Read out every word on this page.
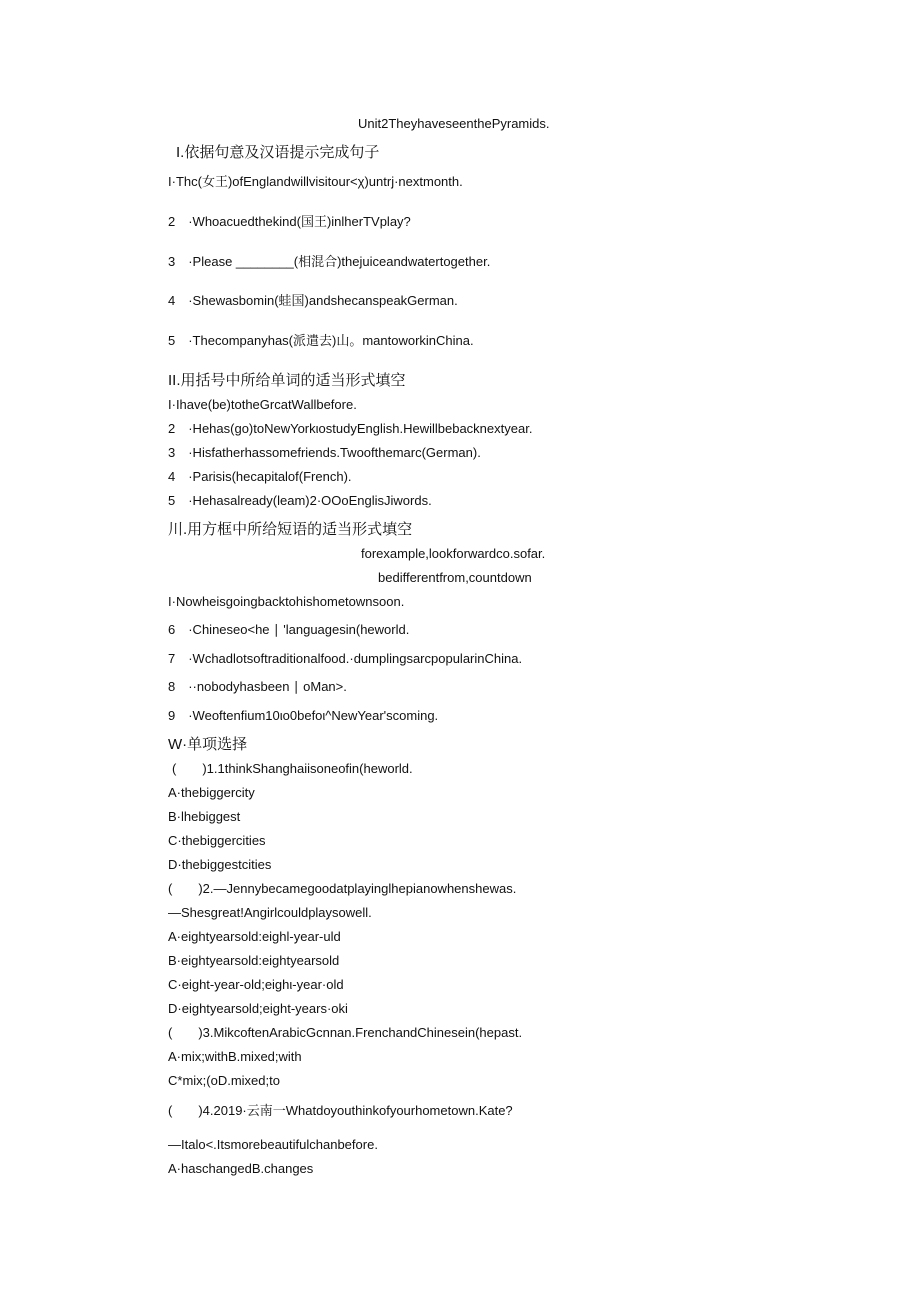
Unit2TheyhaveseenthePyramids.
I.依据句意及汉语提示完成句子
I·Thc(女王)ofEnglandwillvisitour<χ)untrj·nextmonth.
2　·Whoacuedthekind(国王)inlherTVplay?
3　·Please ________(相混合)thejuiceandwatertogether.
4　·Shewasbomin(蛙国)andshecanspeakGerman.
5　·Thecompanyhas(派遣去)山。mantoworkinChina.
II.用括号中所给单词的适当形式填空
I·Ihave(be)totheGrcatWallbefore.
2　·Hehas(go)toNewYorkιostudyEnglish.Hewillbebacknextyear.
3　·Hisfatherhassomefriends.Twoofthemarc(German).
4　·Parisis(hecapitalof(French).
5　·Hehasalready(leam)2·OOoEnglisJiwords.
川.用方框中所给短语的适当形式填空
forexample,lookforwardco.sofar.
bedifferentfrom,countdown
I·Nowheisgoingbacktohishometownsoon.
6　·Chineseo<he ∣ 'languagesin(heworld.
7　·Wchadlotsoftraditionalfood.·dumplingsarcpopularinChina.
8　··nobodyhasbeen ∣ oMan>.
9　·Weoftenfium10ιo0befoι^NewYear'scoming.
W·单项选择
(　　)1.1thinkShanghaiisoneofin(heworld.
A·thebiggercity
B·lhebiggest
C·thebiggercities
D·thebiggestcities
(　　)2.—Jennybecamegoodatplayinglhepianowhenshewas.
—Shesgreat!Angirlcouldplaysowell.
A·eightyearsold:eighl-year-uld
B·eightyearsold:eightyearsold
C·eight-year-old;eighι-year·old
D·eightyearsold;eight-years·oki
(　　)3.MikcoftenArabicGcnnan.FrenchandChinesein(hepast.
A·mix;withB.mixed;with
C*mix;(oD.mixed;to
(　　)4.2019·云南一Whatdoyouthinkofyourhometown.Kate?
—Italo<.Itsmorebeautifulchanbefore.
A·haschangedB.changes
